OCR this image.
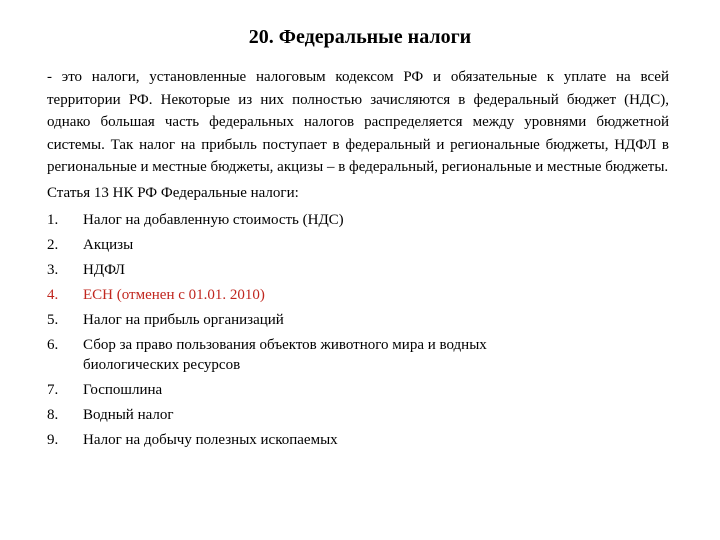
20. Федеральные налоги

- это налоги, установленные налоговым кодексом РФ и обязательные к уплате на всей территории РФ. Некоторые из них полностью зачисляются в федеральный бюджет (НДС), однако большая часть федеральных налогов распределяется между уровнями бюджетной системы. Так налог на прибыль поступает в федеральный и региональные бюджеты, НДФЛ в региональные и местные бюджеты, акцизы – в федеральный, региональные и местные бюджеты.

Статья 13 НК РФ Федеральные налоги:

1.	Налог на добавленную стоимость (НДС)
2.	Акцизы
3.	НДФЛ
4.	ЕСН (отменен с 01.01. 2010)
5.	Налог на прибыль организаций
6.	Сбор за право пользования объектов животного мира и водных биологических ресурсов
7.	Госпошлина
8.	Водный налог
9.	Налог на добычу полезных ископаемых
